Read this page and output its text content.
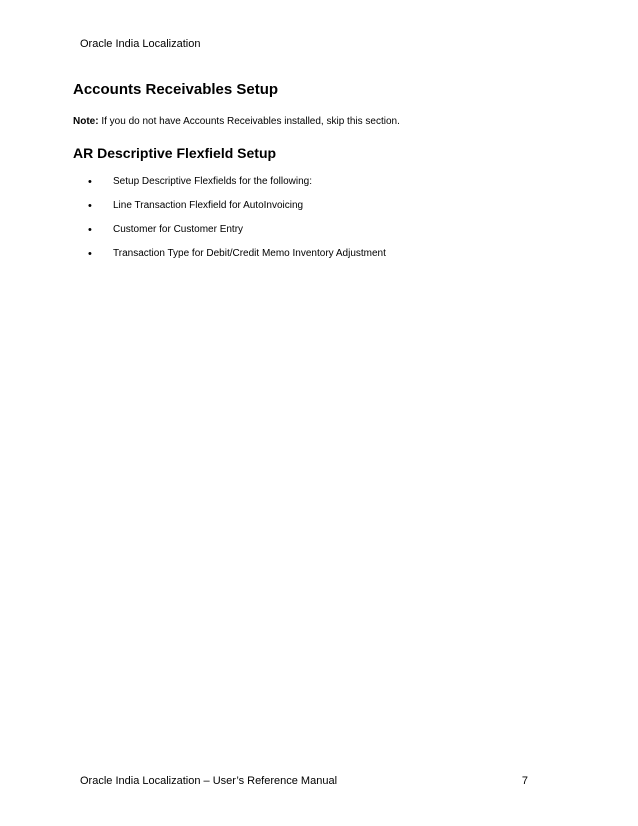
Oracle India Localization
Accounts Receivables Setup
Note: If you do not have Accounts Receivables installed, skip this section.
AR Descriptive Flexfield Setup
• Setup Descriptive Flexfields for the following:
• Line Transaction Flexfield for AutoInvoicing
• Customer for Customer Entry
• Transaction Type for Debit/Credit Memo Inventory Adjustment
Oracle India Localization – User’s Reference Manual	7
